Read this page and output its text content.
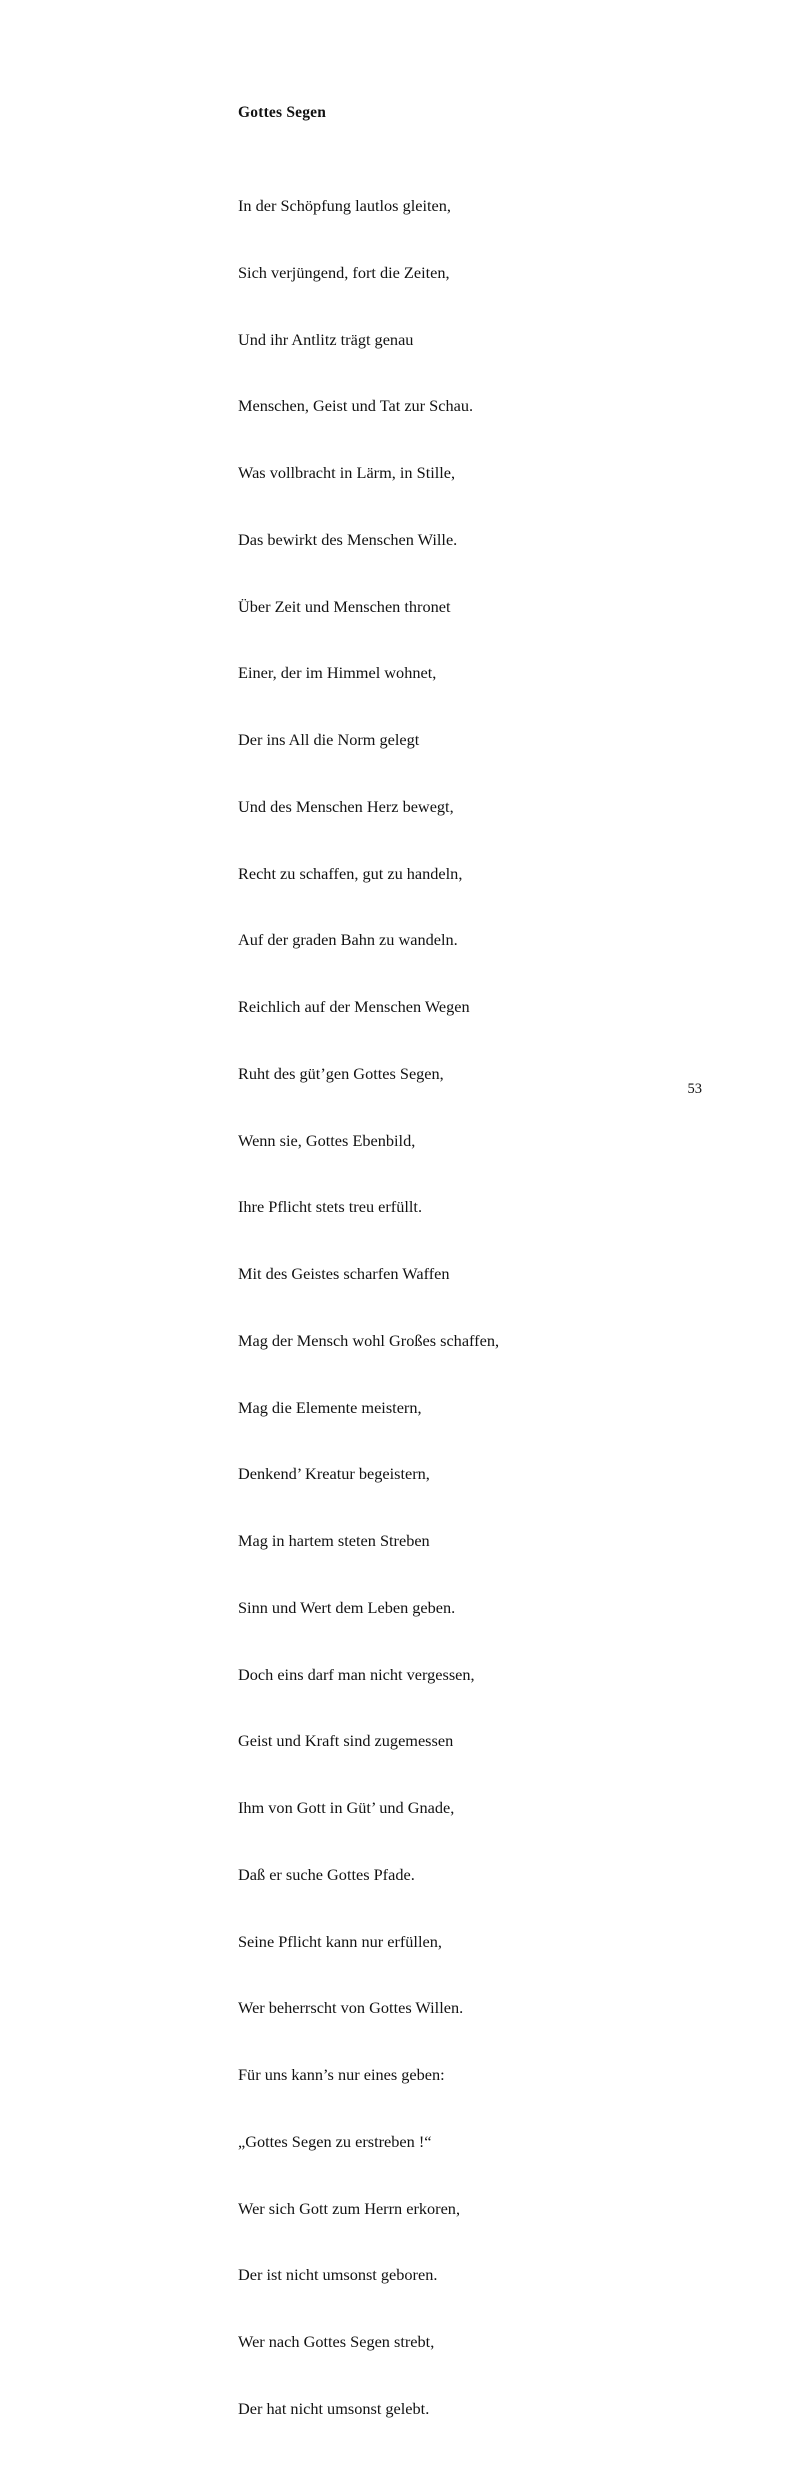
Gottes Segen

In der Schöpfung lautlos gleiten,

Sich verjüngend, fort die Zeiten,

Und ihr Antlitz trägt genau

Menschen, Geist und Tat zur Schau.

Was vollbracht in Lärm, in Stille,

Das bewirkt des Menschen Wille.

Über Zeit und Menschen thronet

Einer, der im Himmel wohnet,

Der ins All die Norm gelegt

Und des Menschen Herz bewegt,

Recht zu schaffen, gut zu handeln,

Auf der graden Bahn zu wandeln.

Reichlich auf der Menschen Wegen

Ruht des güt’gen Gottes Segen,

Wenn sie, Gottes Ebenbild,

Ihre Pflicht stets treu erfüllt.

Mit des Geistes scharfen Waffen

Mag der Mensch wohl Großes schaffen,

Mag die Elemente meistern,

Denkend’ Kreatur begeistern,

Mag in hartem steten Streben

Sinn und Wert dem Leben geben.

Doch eins darf man nicht vergessen,

Geist und Kraft sind zugemessen

Ihm von Gott in Güt’ und Gnade,

Daß er suche Gottes Pfade.

Seine Pflicht kann nur erfüllen,

Wer beherrscht von Gottes Willen.

Für uns kann’s nur eines geben:

„Gottes Segen zu erstreben !“

Wer sich Gott zum Herrn erkoren,

Der ist nicht umsonst geboren.

Wer nach Gottes Segen strebt,

Der hat nicht umsonst gelebt.

53
